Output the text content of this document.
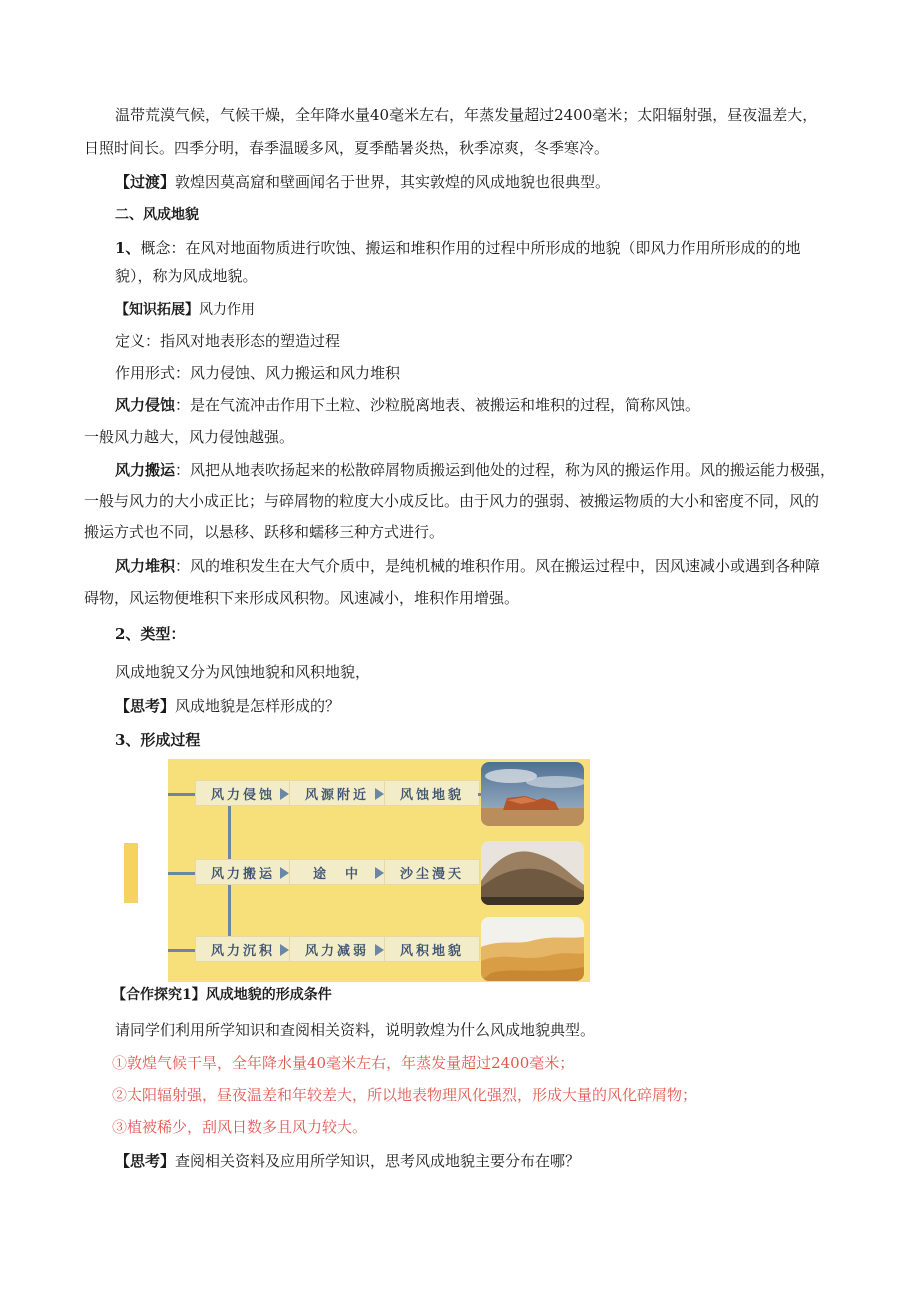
温带荒漠气候，气候干燥，全年降水量40毫米左右，年蒸发量超过2400毫米；太阳辐射强，昼夜温差大，
日照时间长。四季分明，春季温暖多风，夏季酷暑炎热，秋季凉爽，冬季寒冷。
【过渡】敦煌因莫高窟和壁画闻名于世界，其实敦煌的风成地貌也很典型。
二、风成地貌
1、概念：在风对地面物质进行吹蚀、搬运和堆积作用的过程中所形成的地貌（即风力作用所形成的的地
貌），称为风成地貌。
【知识拓展】风力作用
定义：指风对地表形态的塑造过程
作用形式：风力侵蚀、风力搬运和风力堆积
风力侵蚀：是在气流冲击作用下土粒、沙粒脱离地表、被搬运和堆积的过程，简称风蚀。
一般风力越大，风力侵蚀越强。
风力搬运：风把从地表吹扬起来的松散碎屑物质搬运到他处的过程，称为风的搬运作用。风的搬运能力极强，
一般与风力的大小成正比；与碎屑物的粒度大小成反比。由于风力的强弱、被搬运物质的大小和密度不同，风的
搬运方式也不同，以悬移、跃移和蠕移三种方式进行。
风力堆积：风的堆积发生在大气介质中，是纯机械的堆积作用。风在搬运过程中，因风速减小或遇到各种障
碍物，风运物便堆积下来形成风积物。风速减小，堆积作用增强。
2、类型：
风成地貌又分为风蚀地貌和风积地貌，
【思考】风成地貌是怎样形成的？
3、形成过程
风力侵蚀	风源附近	风蚀地貌
风力搬运	途　中	沙尘漫天
风力沉积	风力减弱	风积地貌
【合作探究1】风成地貌的形成条件
请同学们利用所学知识和查阅相关资料，说明敦煌为什么风成地貌典型。
①敦煌气候干旱，全年降水量40毫米左右，年蒸发量超过2400毫米；
②太阳辐射强，昼夜温差和年较差大，所以地表物理风化强烈，形成大量的风化碎屑物；
③植被稀少，刮风日数多且风力较大。
【思考】查阅相关资料及应用所学知识，思考风成地貌主要分布在哪？
